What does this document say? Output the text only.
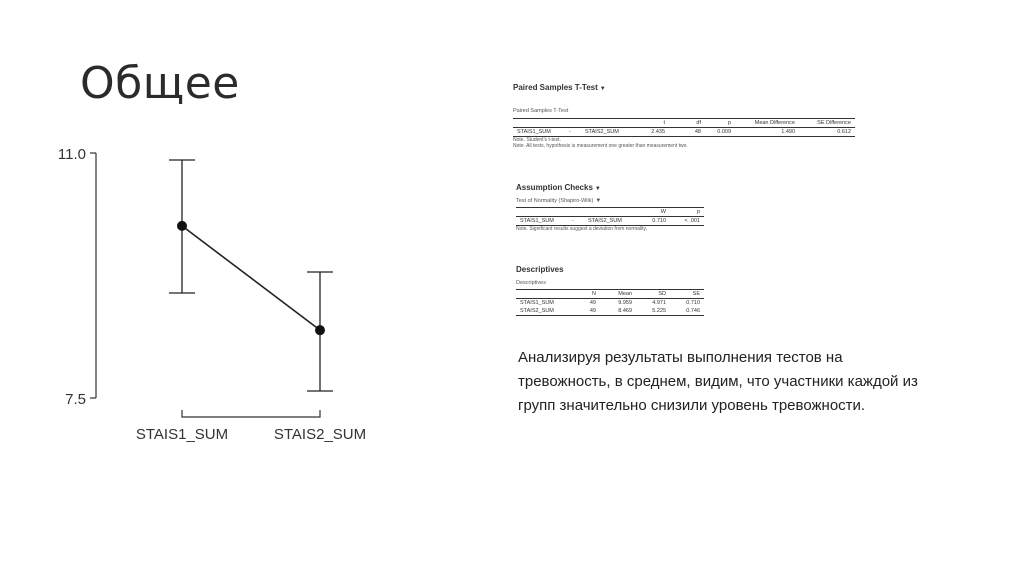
Общее
11.0
7.5
STAIS1_SUM	STAIS2_SUM
Paired Samples T-Test ▼
Paired Samples T-Test
			t	df	p	Mean Difference	SE Difference
STAIS1_SUM	-	STAIS2_SUM	2.435	48	0.009	1.490	0.612
Note. Student's t-test.
Note. All tests, hypothesis is measurement one greater than measurement two.
Assumption Checks ▼
Test of Normality (Shapiro-Wilk) ▼
			W	p
STAIS1_SUM	-	STAIS2_SUM	0.710	< .001
Note. Significant results suggest a deviation from normality.
Descriptives
Descriptives
	N	Mean	SD	SE
STAIS1_SUM	49	9.959	4.971	0.710
STAIS2_SUM	49	8.469	5.225	0.746
Анализируя результаты выполнения тестов на тревожность, в среднем, видим, что участники каждой из групп значительно снизили уровень тревожности.
